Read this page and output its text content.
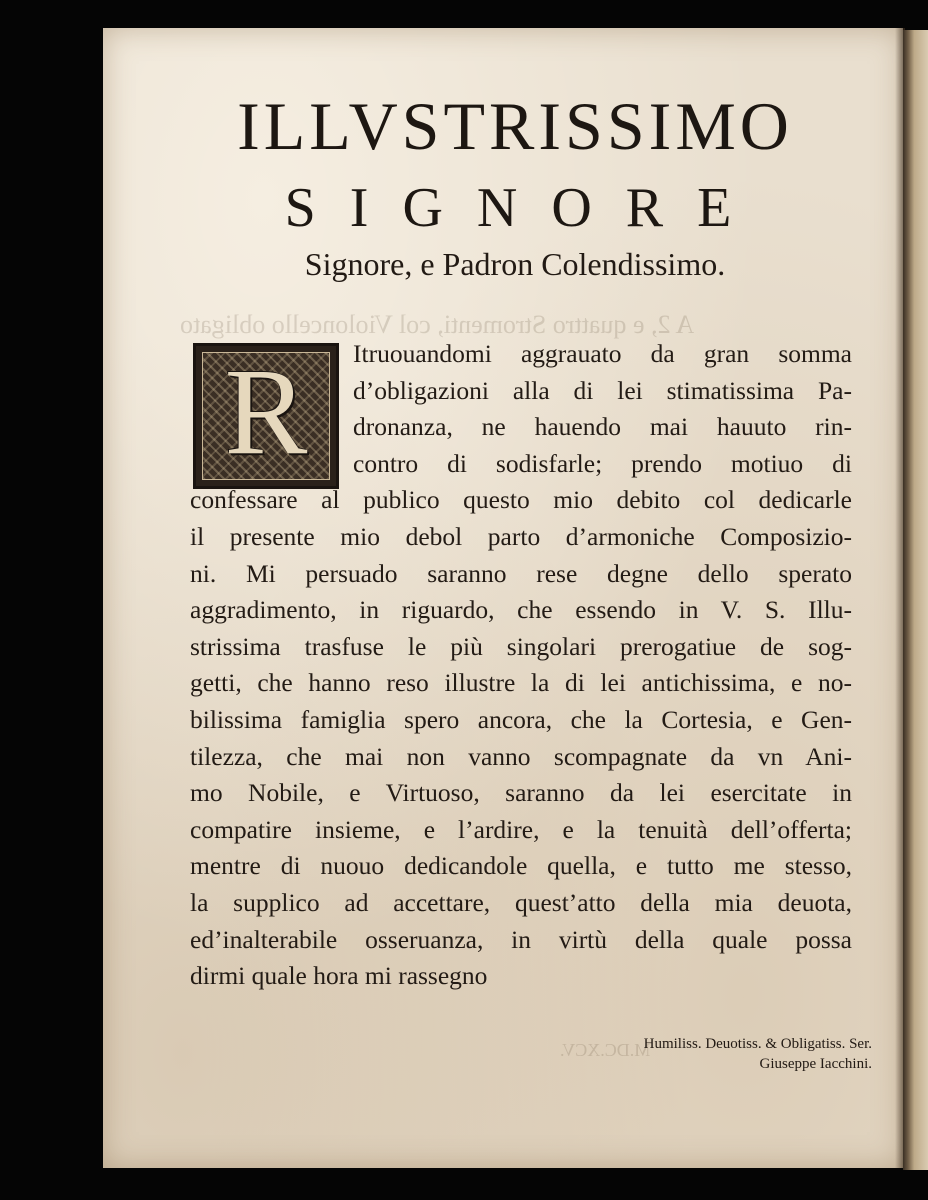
A 2, e quattro Stromenti, col Violoncello obligato
M.DC.XCV.
ILLVSTRISSIMO
SIGNORE
Signore, e Padron Colendissimo.
R	Itruouandomi aggrauato da gran somma
d’obligazioni alla di lei stimatissima Pa-
dronanza, ne hauendo mai hauuto rin-
contro di sodisfarle; prendo motiuo di
confessare al publico questo mio debito col dedicarle
il presente mio debol parto d’armoniche Composizio-
ni. Mi persuado saranno rese degne dello sperato
aggradimento, in riguardo, che essendo in V. S. Illu-
strissima trasfuse le più singolari prerogatiue de sog-
getti, che hanno reso illustre la di lei antichissima, e no-
bilissima famiglia spero ancora, che la Cortesia, e Gen-
tilezza, che mai non vanno scompagnate da vn Ani-
mo Nobile, e Virtuoso, saranno da lei esercitate in
compatire insieme, e l’ardire, e la tenuità dell’offerta;
mentre di nuouo dedicandole quella, e tutto me stesso,
la supplico ad accettare, quest’atto della mia deuota,
ed’inalterabile osseruanza, in virtù della quale possa
dirmi quale hora mi rassegno
Humiliss. Deuotiss. & Obligatiss. Ser.
Giuseppe Iacchini.
